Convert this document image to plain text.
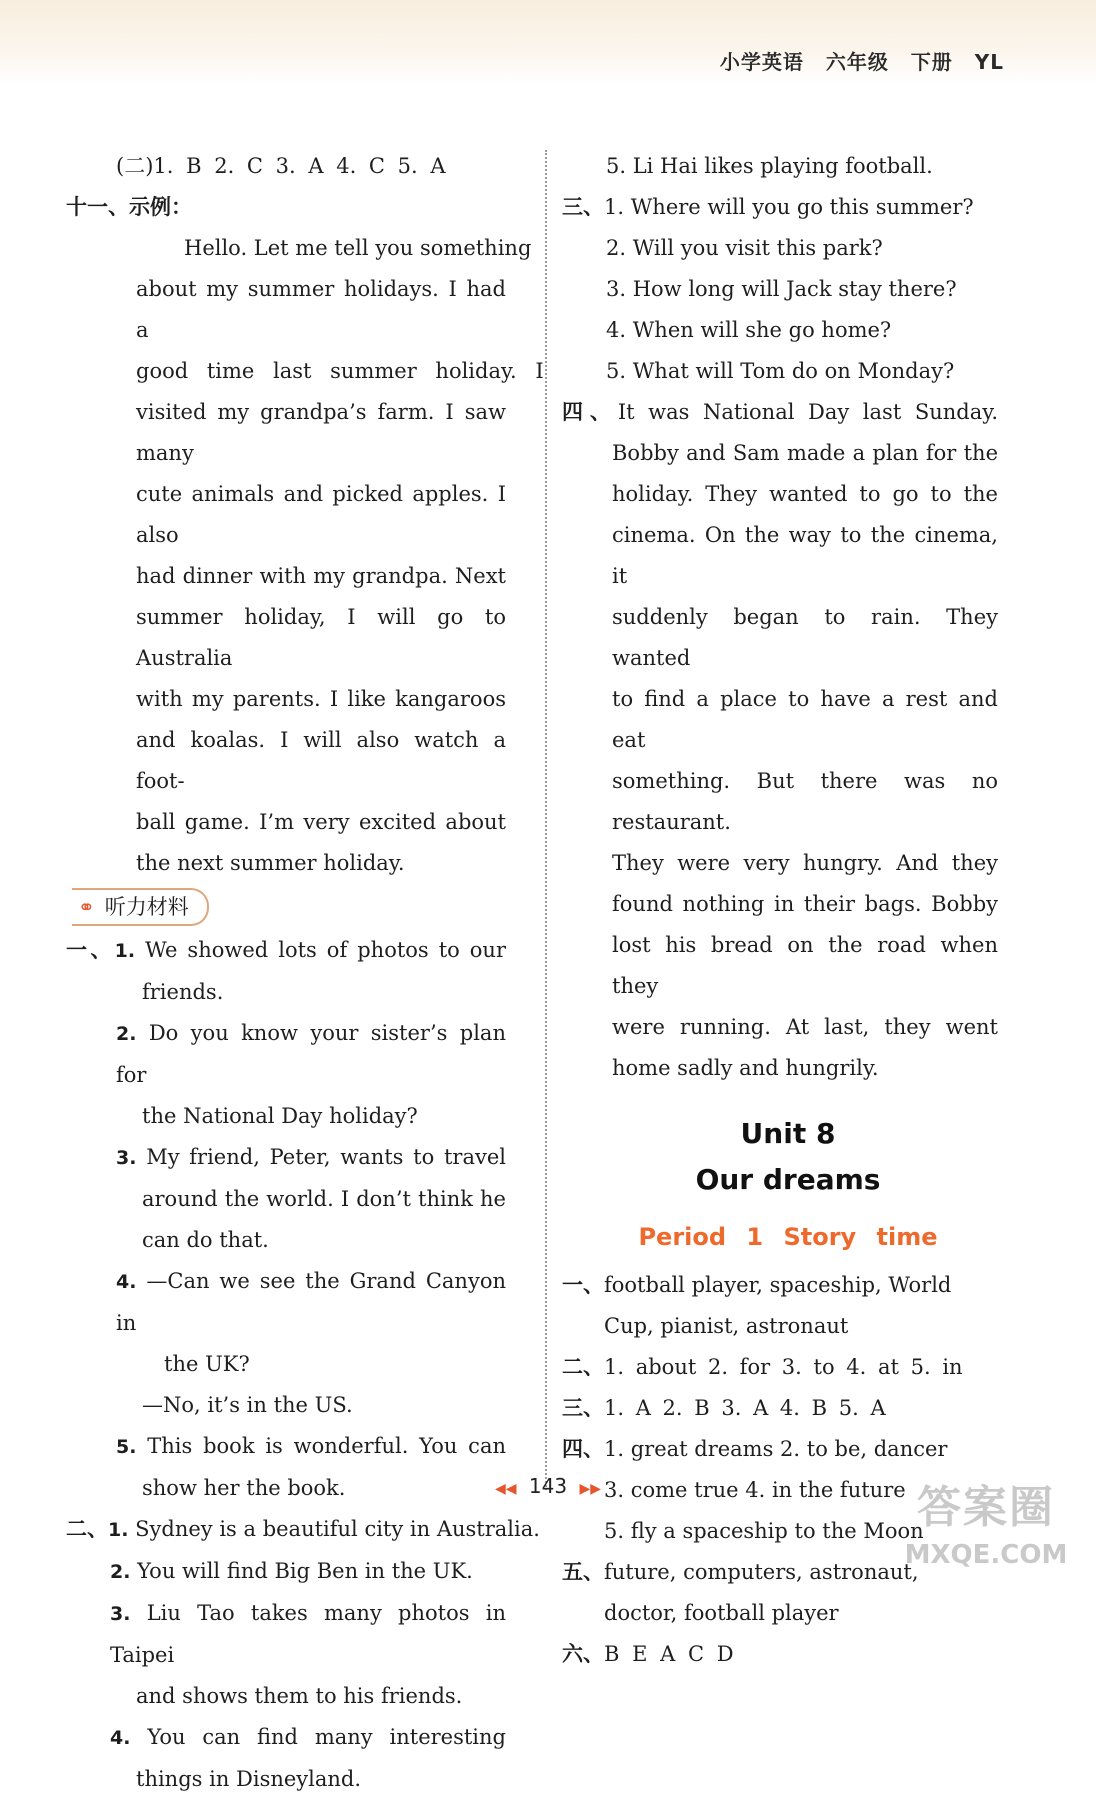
小学英语 六年级 下册 YL
(二)1. B 2. C 3. A 4. C 5. A
十一、示例：
Hello. Let me tell you something
about my summer holidays. I had a
good time last summer holiday. I
visited my grandpa’s farm. I saw many
cute animals and picked apples. I also
had dinner with my grandpa. Next
summer holiday, I will go to Australia
with my parents. I like kangaroos
and koalas. I will also watch a foot-
ball game. I’m very excited about
the next summer holiday.
⚭ 听力材料
一、1. We showed lots of photos to our
friends.
2. Do you know your sister’s plan for
the National Day holiday?
3. My friend, Peter, wants to travel
around the world. I don’t think he
can do that.
4. —Can we see the Grand Canyon in
the UK?
—No, it’s in the US.
5. This book is wonderful. You can
show her the book.
二、1. Sydney is a beautiful city in Australia.
2. You will find Big Ben in the UK.
3. Liu Tao takes many photos in Taipei
and shows them to his friends.
4. You can find many interesting
things in Disneyland.
5. Li Hai likes playing football.
三、1. Where will you go this summer?
2. Will you visit this park?
3. How long will Jack stay there?
4. When will she go home?
5. What will Tom do on Monday?
四、It was National Day last Sunday.
Bobby and Sam made a plan for the
holiday. They wanted to go to the
cinema. On the way to the cinema, it
suddenly began to rain. They wanted
to find a place to have a rest and eat
something. But there was no restaurant.
They were very hungry. And they
found nothing in their bags. Bobby
lost his bread on the road when they
were running. At last, they went
home sadly and hungrily.
Unit 8
Our dreams
Period 1 Story time
一、football player, spaceship, World
Cup, pianist, astronaut
二、1. about 2. for 3. to 4. at 5. in
三、1. A 2. B 3. A 4. B 5. A
四、1. great dreams 2. to be, dancer
3. come true 4. in the future
5. fly a spaceship to the Moon
五、future, computers, astronaut,
doctor, football player
六、B E A C D
◀◀ 143 ▶▶	答案圈
MXQE.COM
